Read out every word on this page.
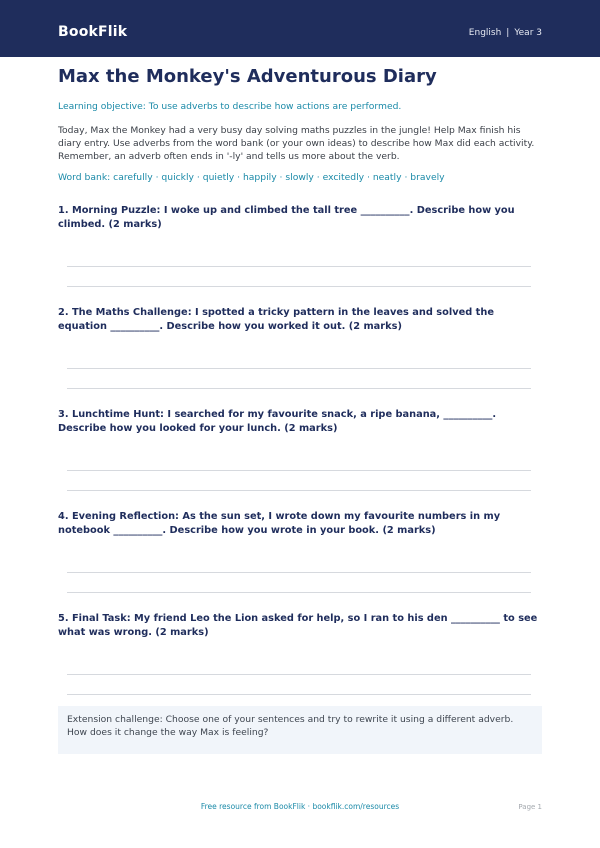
BookFlik	English | Year 3
Max the Monkey's Adventurous Diary

Learning objective: To use adverbs to describe how actions are performed.

Today, Max the Monkey had a very busy day solving maths puzzles in the jungle! Help Max finish his diary entry. Use adverbs from the word bank (or your own ideas) to describe how Max did each activity. Remember, an adverb often ends in '-ly' and tells us more about the verb.

Word bank: carefully · quickly · quietly · happily · slowly · excitedly · neatly · bravely

1. Morning Puzzle: I woke up and climbed the tall tree __________. Describe how you climbed. (2 marks)

2. The Maths Challenge: I spotted a tricky pattern in the leaves and solved the equation __________. Describe how you worked it out. (2 marks)

3. Lunchtime Hunt: I searched for my favourite snack, a ripe banana, __________. Describe how you looked for your lunch. (2 marks)

4. Evening Reflection: As the sun set, I wrote down my favourite numbers in my notebook __________. Describe how you wrote in your book. (2 marks)

5. Final Task: My friend Leo the Lion asked for help, so I ran to his den __________ to see what was wrong. (2 marks)

Extension challenge: Choose one of your sentences and try to rewrite it using a different adverb. How does it change the way Max is feeling?
Free resource from BookFlik · bookflik.com/resources	Page 1
